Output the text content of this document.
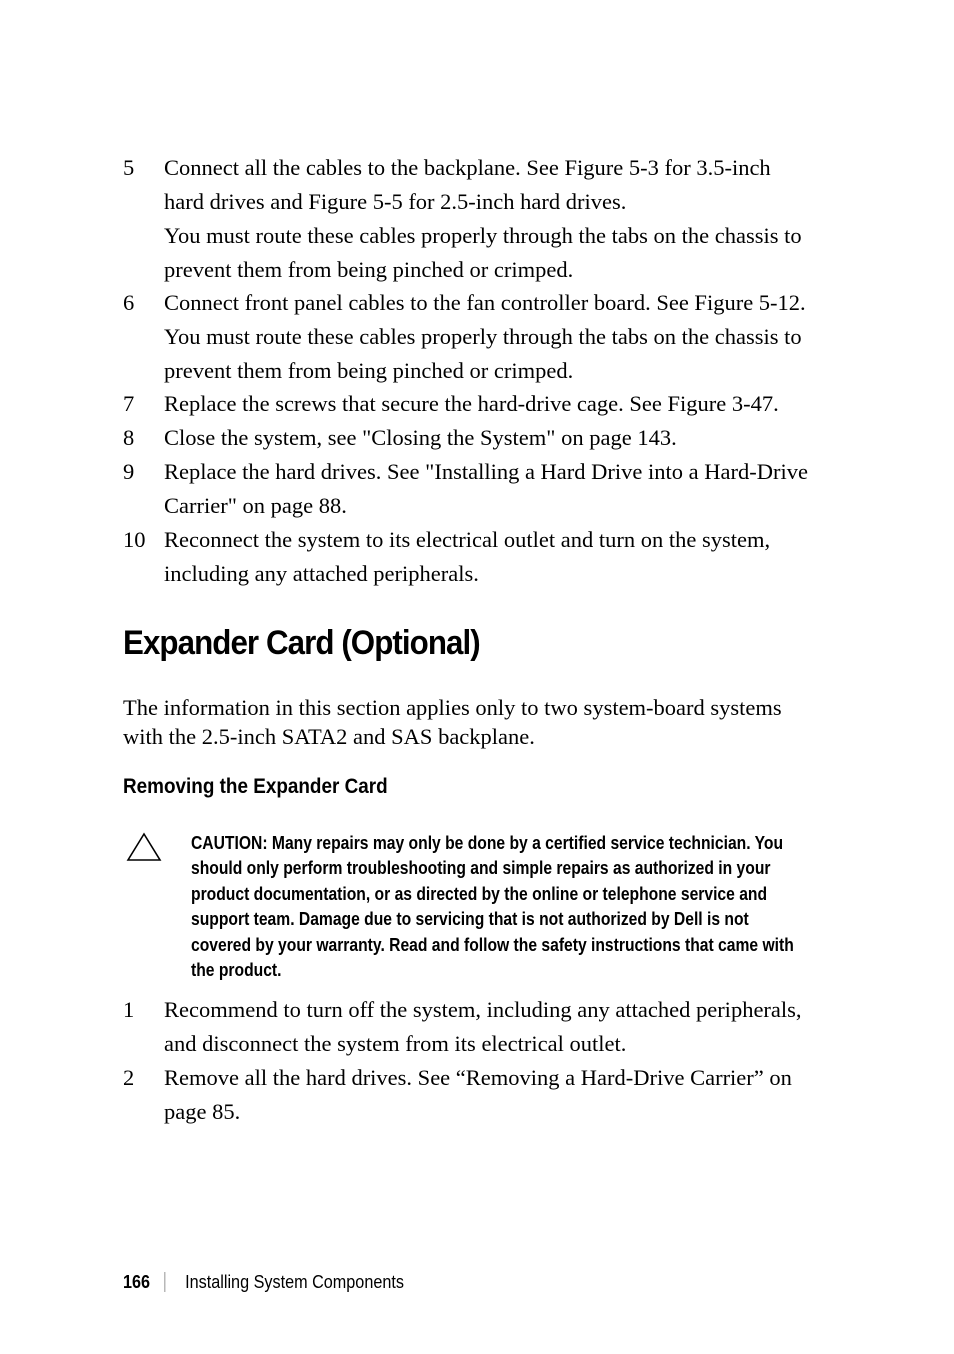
5 Connect all the cables to the backplane. See Figure 5-3 for 3.5-inch
hard drives and Figure 5-5 for 2.5-inch hard drives.
You must route these cables properly through the tabs on the chassis to
prevent them from being pinched or crimped.
6 Connect front panel cables to the fan controller board. See Figure 5-12.
You must route these cables properly through the tabs on the chassis to
prevent them from being pinched or crimped.
7 Replace the screws that secure the hard-drive cage. See Figure 3-47.
8 Close the system, see "Closing the System" on page 143.
9 Replace the hard drives. See "Installing a Hard Drive into a Hard-Drive
Carrier" on page 88.
10 Reconnect the system to its electrical outlet and turn on the system,
including any attached peripherals.
Expander Card (Optional)
The information in this section applies only to two system-board systems
with the 2.5-inch SATA2 and SAS backplane.
Removing the Expander Card
CAUTION: Many repairs may only be done by a certified service technician. You
should only perform troubleshooting and simple repairs as authorized in your
product documentation, or as directed by the online or telephone service and
support team. Damage due to servicing that is not authorized by Dell is not
covered by your warranty. Read and follow the safety instructions that came with
the product.
1 Recommend to turn off the system, including any attached peripherals,
and disconnect the system from its electrical outlet.
2 Remove all the hard drives. See “Removing a Hard-Drive Carrier” on
page 85.
166 Installing System Components
